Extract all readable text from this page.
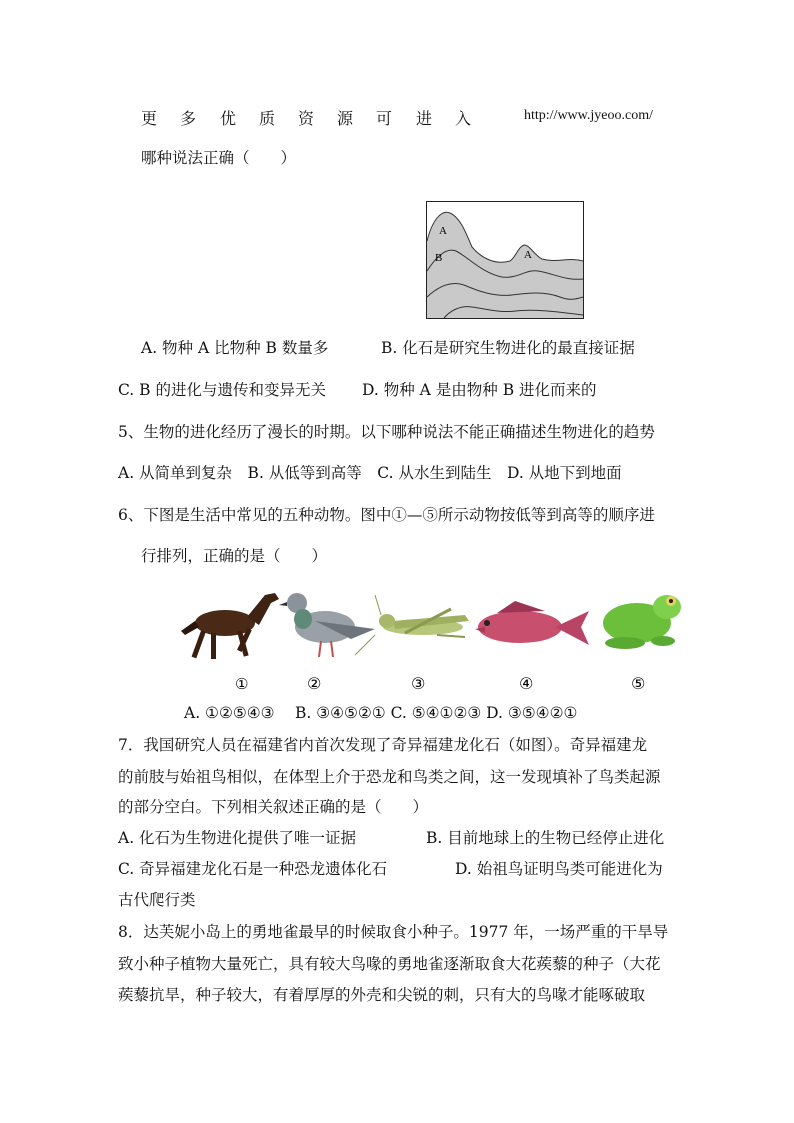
更 多 优 质 资 源 可 进 入	http://www.jyeoo.com/
哪种说法正确（　　）
A
B	A
A. 物种 A 比物种 B 数量多	B. 化石是研究生物进化的最直接证据
C. B 的进化与遗传和变异无关 D. 物种 A 是由物种 B 进化而来的
5、生物的进化经历了漫长的时期。以下哪种说法不能正确描述生物进化的趋势
A. 从简单到复杂　B. 从低等到高等　C. 从水生到陆生　D. 从地下到地面
6、下图是生活中常见的五种动物。图中①—⑤所示动物按低等到高等的顺序进
行排列，正确的是（　　）
①	②	③	④	⑤
A. ①②⑤④③　 B. ③④⑤②① C. ⑤④①②③ D. ③⑤④②①
7．我国研究人员在福建省内首次发现了奇异福建龙化石（如图）。奇异福建龙
的前肢与始祖鸟相似，在体型上介于恐龙和鸟类之间，这一发现填补了鸟类起源
的部分空白。下列相关叙述正确的是（　　）
A. 化石为生物进化提供了唯一证据	B. 目前地球上的生物已经停止进化
C. 奇异福建龙化石是一种恐龙遗体化石	D. 始祖鸟证明鸟类可能进化为
古代爬行类
8．达芙妮小岛上的勇地雀最早的时候取食小种子。1977 年，一场严重的干旱导
致小种子植物大量死亡，具有较大鸟喙的勇地雀逐渐取食大花蒺藜的种子（大花
蒺藜抗旱，种子较大，有着厚厚的外壳和尖锐的刺，只有大的鸟喙才能啄破取
